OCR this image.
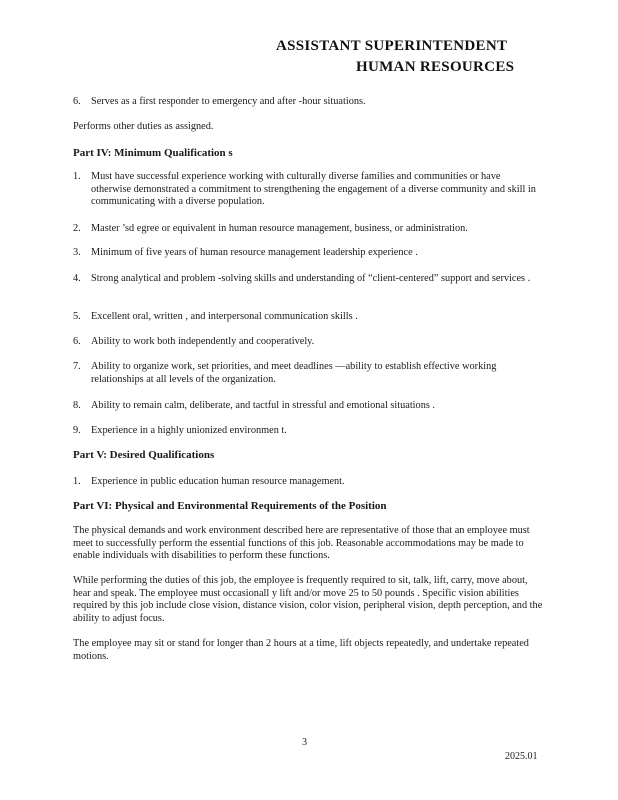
ASSISTANT SUPERINTENDENT
HUMAN RESOURCES
6. Serves as a first responder to emergency and after -hour situations.
Performs other duties as assigned.
Part IV: Minimum Qualification s
1. Must have successful experience working with culturally diverse families and communities or have otherwise demonstrated a commitment to strengthening the engagement of a diverse community and skill in communicating with a diverse population.
2. Master ’sd egree or equivalent in human resource management, business, or administration.
3. Minimum of five years of human resource management leadership experience .
4. Strong analytical and problem -solving skills and understanding of “client-centered” support and services .
5. Excellent oral, written , and interpersonal communication skills .
6. Ability to work both independently and cooperatively.
7. Ability to organize work, set priorities, and meet deadlines —ability to establish effective working relationships at all levels of the organization.
8. Ability to remain calm, deliberate, and tactful in stressful and emotional situations .
9. Experience in a highly unionized environmen t.
Part V: Desired Qualifications
1. Experience in public education human resource management.
Part VI: Physical and Environmental Requirements of the Position
The physical demands and work environment described here are representative of those that an employee must meet to successfully perform the essential functions of this job. Reasonable accommodations may be made to enable individuals with disabilities to perform these functions.
While performing the duties of this job, the employee is frequently required to sit, talk, lift, carry, move about, hear and speak. The employee must occasionall y lift and/or move 25 to 50 pounds . Specific vision abilities required by this job include close vision, distance vision, color vision, peripheral vision, depth perception, and the ability to adjust focus.
The employee may sit or stand for longer than 2 hours at a time, lift objects repeatedly, and undertake repeated motions.
3
2025.01
